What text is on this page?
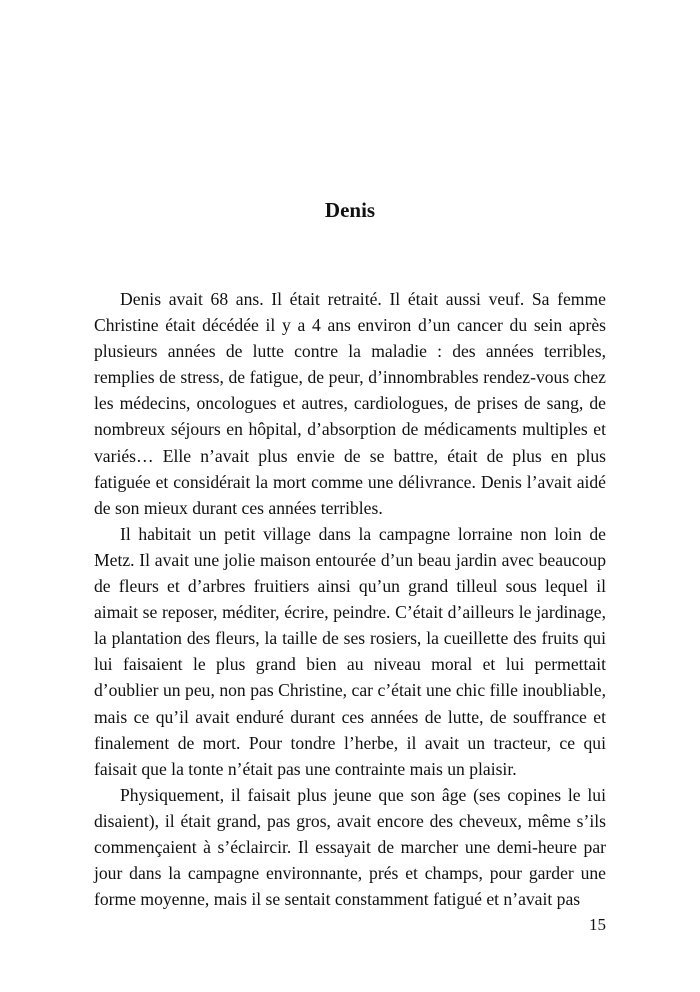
Denis

Denis avait 68 ans. Il était retraité. Il était aussi veuf. Sa femme Christine était décédée il y a 4 ans environ d’un cancer du sein après plusieurs années de lutte contre la maladie : des années terribles, remplies de stress, de fatigue, de peur, d’innombrables rendez-vous chez les médecins, oncologues et autres, cardiologues, de prises de sang, de nombreux séjours en hôpital, d’absorption de médicaments multiples et variés… Elle n’avait plus envie de se battre, était de plus en plus fatiguée et considérait la mort comme une délivrance. Denis l’avait aidé de son mieux durant ces années terribles.

Il habitait un petit village dans la campagne lorraine non loin de Metz. Il avait une jolie maison entourée d’un beau jardin avec beaucoup de fleurs et d’arbres fruitiers ainsi qu’un grand tilleul sous lequel il aimait se reposer, méditer, écrire, peindre. C’était d’ailleurs le jardinage, la plantation des fleurs, la taille de ses rosiers, la cueillette des fruits qui lui faisaient le plus grand bien au niveau moral et lui permettait d’oublier un peu, non pas Christine, car c’était une chic fille inoubliable, mais ce qu’il avait enduré durant ces années de lutte, de souffrance et finalement de mort. Pour tondre l’herbe, il avait un tracteur, ce qui faisait que la tonte n’était pas une contrainte mais un plaisir.

Physiquement, il faisait plus jeune que son âge (ses copines le lui disaient), il était grand, pas gros, avait encore des cheveux, même s’ils commençaient à s’éclaircir. Il essayait de marcher une demi-heure par jour dans la campagne environnante, prés et champs, pour garder une forme moyenne, mais il se sentait constamment fatigué et n’avait pas

15
